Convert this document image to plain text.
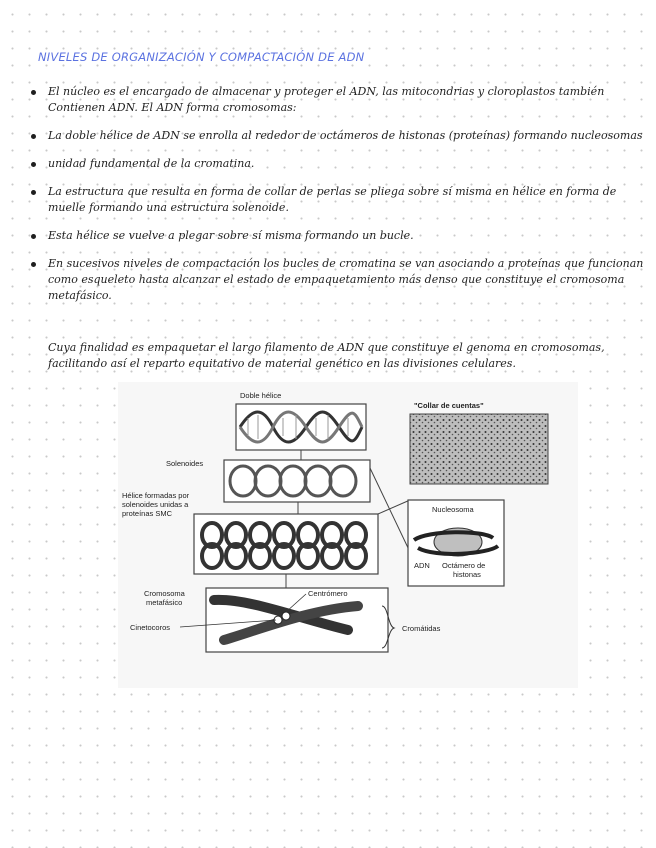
NIVELES DE ORGANIZACIÓN Y COMPACTACIÓN DE ADN
El núcleo es el encargado de almacenar y proteger el ADN, las mitocondrias y cloroplastos también Contienen ADN. El ADN forma cromosomas:
La doble hélice de ADN se enrolla al rededor de octámeros de histonas (proteínas) formando nucleosomas
unidad fundamental de la cromatina.
La estructura que resulta en forma de collar de perlas se pliega sobre sí misma en hélice en forma de muelle formando una estructura solenoide.
Esta hélice se vuelve a plegar sobre sí misma formando un bucle.
En sucesivos niveles de compactación los bucles de cromatina se van asociando a proteínas que funcionan como esqueleto hasta alcanzar el estado de empaquetamiento más denso que constituye el cromosoma metafásico.
Cuya finalidad es empaquetar el largo filamento de ADN que constituye el genoma en cromosomas, facilitando así el reparto equitativo de material genético en las divisiones celulares.
Doble hélice
"Collar de cuentas"
Solenoides
Hélice formadas por
solenoides unidas a
proteínas SMC	Nucleosoma
ADN Octámero de
histonas
Cromosoma
metafásico
Centrómero
Cinetocoros	Cromátidas
